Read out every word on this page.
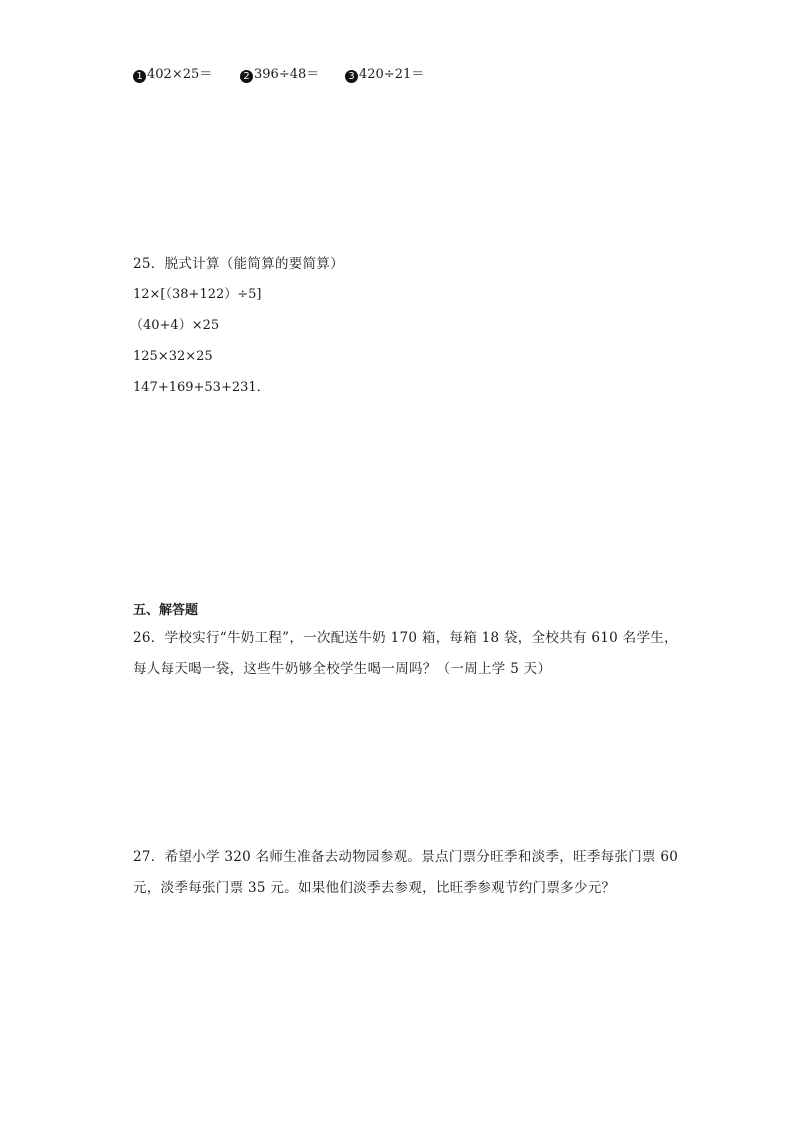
1 402×25＝	2 396÷48＝	3 420÷21＝
25．脱式计算（能简算的要简算）
12×[（38+122）÷5]
（40+4）×25
125×32×25
147+169+53+231．
五、解答题
26．学校实行“牛奶工程”，一次配送牛奶 170 箱，每箱 18 袋，全校共有 610 名学生，
每人每天喝一袋，这些牛奶够全校学生喝一周吗？（一周上学 5 天）
27．希望小学 320 名师生准备去动物园参观。景点门票分旺季和淡季，旺季每张门票 60
元，淡季每张门票 35 元。如果他们淡季去参观，比旺季参观节约门票多少元？
